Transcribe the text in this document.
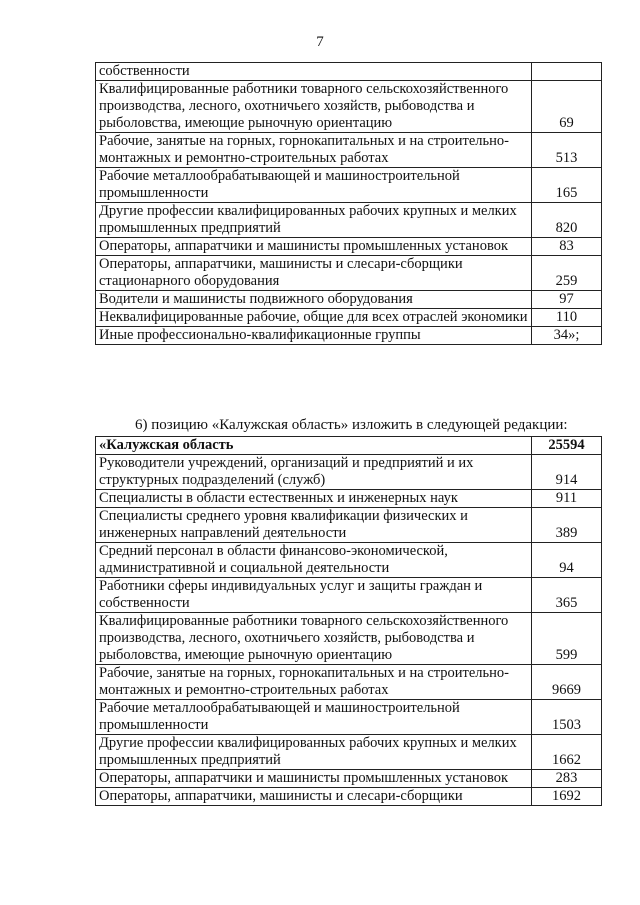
7
собственности	
Квалифицированные работники товарного сельскохозяйственного производства, лесного, охотничьего хозяйств, рыбоводства и рыболовства, имеющие рыночную ориентацию	69
Рабочие, занятые на горных, горнокапитальных и на строительно-монтажных и ремонтно-строительных работах	513
Рабочие металлообрабатывающей и машиностроительной промышленности	165
Другие профессии квалифицированных рабочих крупных и мелких промышленных предприятий	820
Операторы, аппаратчики и машинисты промышленных установок	83
Операторы, аппаратчики, машинисты и слесари-сборщики стационарного оборудования	259
Водители и машинисты подвижного оборудования	97
Неквалифицированные рабочие, общие для всех отраслей экономики	110
Иные профессионально-квалификационные группы	34»;
6) позицию «Калужская область» изложить в следующей редакции:
«Калужская область	25594
Руководители учреждений, организаций и предприятий и их структурных подразделений (служб)	914
Специалисты в области естественных и инженерных наук	911
Специалисты среднего уровня квалификации физических и инженерных направлений деятельности	389
Средний персонал в области финансово-экономической, административной и социальной деятельности	94
Работники сферы индивидуальных услуг и защиты граждан и собственности	365
Квалифицированные работники товарного сельскохозяйственного производства, лесного, охотничьего хозяйств, рыбоводства и рыболовства, имеющие рыночную ориентацию	599
Рабочие, занятые на горных, горнокапитальных и на строительно-монтажных и ремонтно-строительных работах	9669
Рабочие металлообрабатывающей и машиностроительной промышленности	1503
Другие профессии квалифицированных рабочих крупных и мелких промышленных предприятий	1662
Операторы, аппаратчики и машинисты промышленных установок	283
Операторы, аппаратчики, машинисты и слесари-сборщики	1692
